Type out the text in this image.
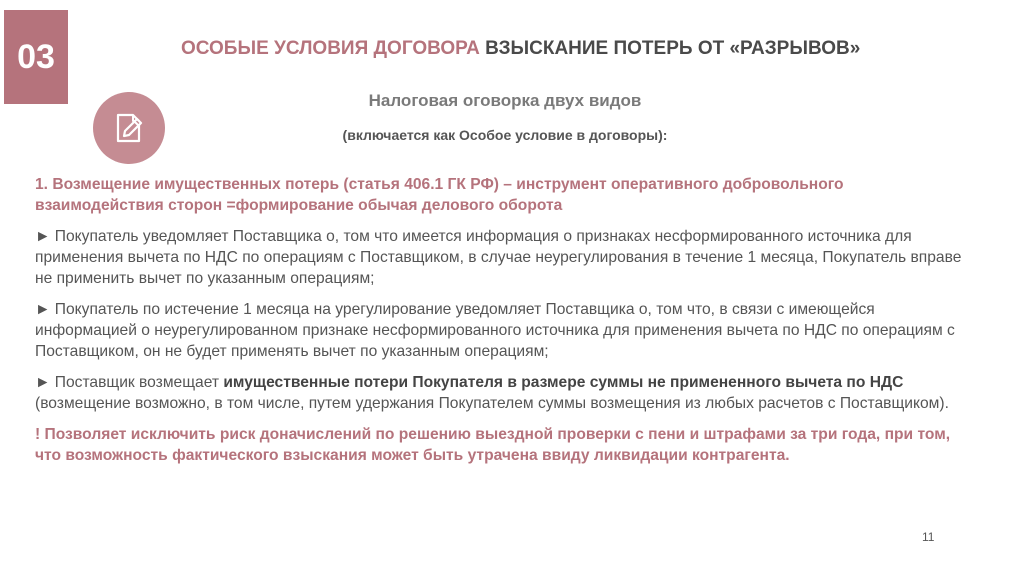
03	ОСОБЫЕ УСЛОВИЯ ДОГОВОРА ВЗЫСКАНИЕ ПОТЕРЬ ОТ «РАЗРЫВОВ»
Налоговая оговорка двух видов
(включается как Особое условие в договоры):

1. Возмещение имущественных потерь (статья 406.1 ГК РФ) – инструмент оперативного добровольного взаимодействия сторон =формирование обычая делового оборота

► Покупатель уведомляет Поставщика о, том что имеется информация о признаках несформированного источника для применения вычета по НДС по операциям с Поставщиком, в случае неурегулирования в течение 1 месяца, Покупатель вправе не применить вычет по указанным операциям;

► Покупатель по истечение 1 месяца на урегулирование уведомляет Поставщика о, том что, в связи с имеющейся информацией о неурегулированном признаке несформированного источника для применения вычета по НДС по операциям с Поставщиком, он не будет применять вычет по указанным операциям;

► Поставщик возмещает имущественные потери Покупателя в размере суммы не примененного вычета по НДС (возмещение возможно, в том числе, путем удержания Покупателем суммы возмещения из любых расчетов с Поставщиком).

! Позволяет исключить риск доначислений по решению выездной проверки с пени и штрафами за три года, при том, что возможность фактического взыскания может быть утрачена ввиду ликвидации контрагента.

11
